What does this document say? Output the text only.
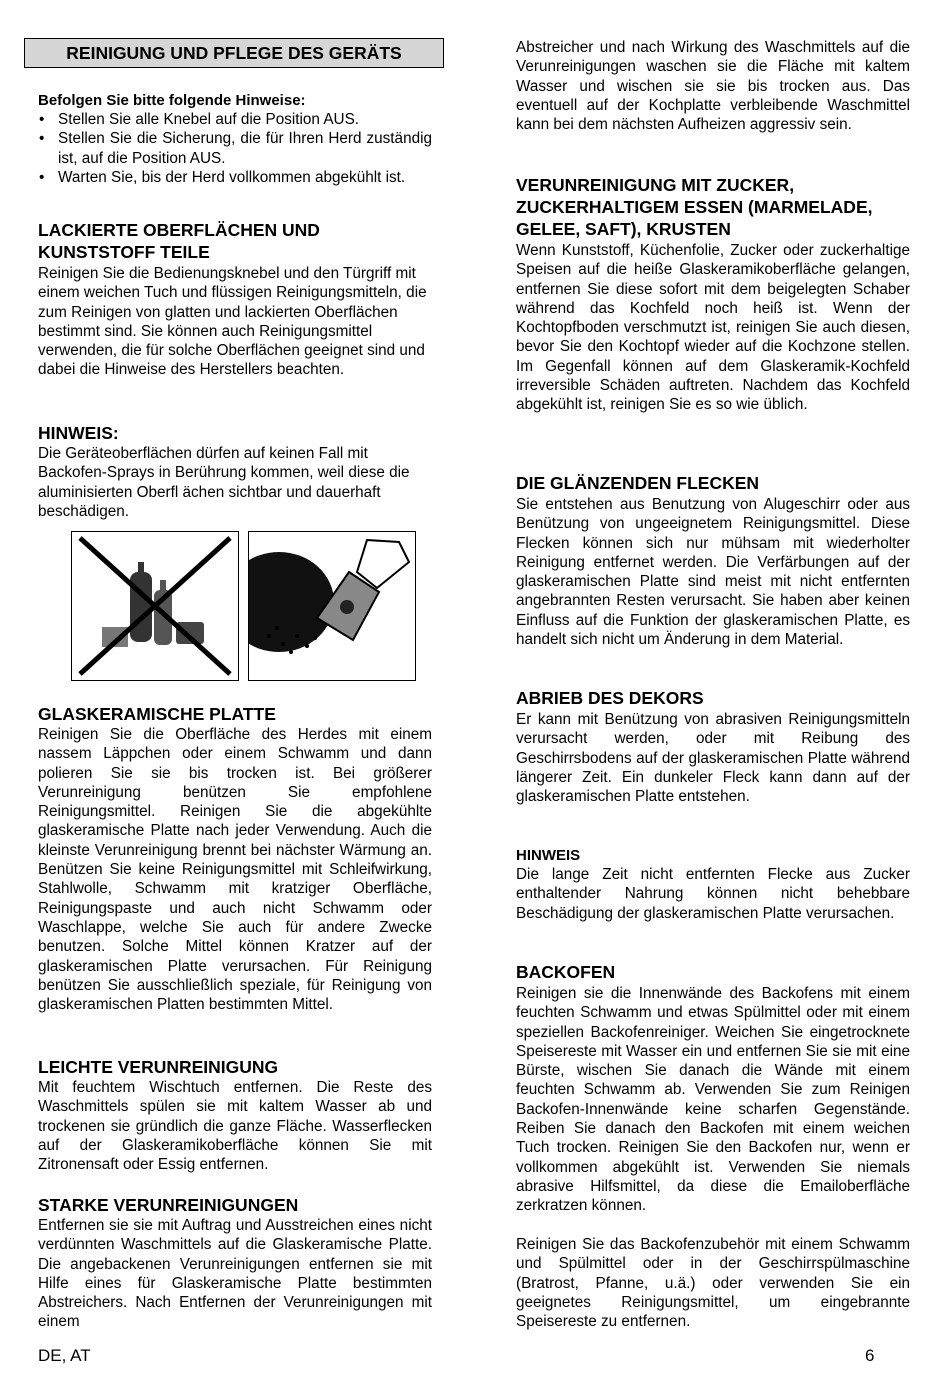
REINIGUNG UND PFLEGE DES GERÄTS
Befolgen Sie bitte folgende Hinweise:
• Stellen Sie alle Knebel auf die Position AUS.
• Stellen Sie die Sicherung, die für Ihren Herd zuständig ist, auf die Position AUS.
• Warten Sie, bis der Herd vollkommen abgekühlt ist.
LACKIERTE OBERFLÄCHEN UND
KUNSTSTOFF TEILE

Reinigen Sie die Bedienungsknebel und den Türgriff mit einem weichen Tuch und flüssigen Reinigungsmitteln, die zum Reinigen von glatten und lackierten Oberflächen bestimmt sind. Sie können auch Reinigungsmittel verwenden, die für solche Oberflächen geeignet sind und dabei die Hinweise des Herstellers beachten.

HINWEIS:

Die Geräteoberflächen dürfen auf keinen Fall mit Backofen-Sprays in Berührung kommen, weil diese die aluminisierten Oberfl ächen sichtbar und dauerhaft beschädigen.

GLASKERAMISCHE PLATTE

Reinigen Sie die Oberfläche des Herdes mit einem nassem Läppchen oder einem Schwamm und dann polieren Sie sie bis trocken ist. Bei größerer Verunreinigung benützen Sie empfohlene Reinigungsmittel. Reinigen Sie die abgekühlte glaskeramische Platte nach jeder Verwendung. Auch die kleinste Verunreinigung brennt bei nächster Wärmung an. Benützen Sie keine Reinigungsmittel mit Schleifwirkung, Stahlwolle, Schwamm mit kratziger Oberfläche, Reinigungspaste und auch nicht Schwamm oder Waschlappe, welche Sie auch für andere Zwecke benutzen. Solche Mittel können Kratzer auf der glaskeramischen Platte verursachen. Für Reinigung benützen Sie ausschließlich speziale, für Reinigung von glaskeramischen Platten bestimmten Mittel.

LEICHTE VERUNREINIGUNG

Mit feuchtem Wischtuch entfernen. Die Reste des Waschmittels spülen sie mit kaltem Wasser ab und trockenen sie gründlich die ganze Fläche. Wasserflecken auf der Glaskeramikoberfläche können Sie mit Zitronensaft oder Essig entfernen.

STARKE VERUNREINIGUNGEN

Entfernen sie sie mit Auftrag und Ausstreichen eines nicht verdünnten Waschmittels auf die Glaskeramische Platte. Die angebackenen Verunreinigungen entfernen sie mit Hilfe eines für Glaskeramische Platte bestimmten Abstreichers. Nach Entfernen der Verunreinigungen mit einem

Abstreicher und nach Wirkung des Waschmittels auf die Verunreinigungen waschen sie die Fläche mit kaltem Wasser und wischen sie sie bis trocken aus. Das eventuell auf der Kochplatte verbleibende Waschmittel kann bei dem nächsten Aufheizen aggressiv sein.

VERUNREINIGUNG MIT ZUCKER,
ZUCKERHALTIGEM ESSEN (MARMELADE,
GELEE, SAFT), KRUSTEN

Wenn Kunststoff, Küchenfolie, Zucker oder zuckerhaltige Speisen auf die heiße Glaskeramikoberfläche gelangen, entfernen Sie diese sofort mit dem beigelegten Schaber während das Kochfeld noch heiß ist. Wenn der Kochtopfboden verschmutzt ist, reinigen Sie auch diesen, bevor Sie den Kochtopf wieder auf die Kochzone stellen. Im Gegenfall können auf dem Glaskeramik-Kochfeld irreversible Schäden auftreten. Nachdem das Kochfeld abgekühlt ist, reinigen Sie es so wie üblich.

DIE GLÄNZENDEN FLECKEN

Sie entstehen aus Benutzung von Alugeschirr oder aus Benützung von ungeeignetem Reinigungsmittel. Diese Flecken können sich nur mühsam mit wiederholter Reinigung entfernet werden. Die Verfärbungen auf der glaskeramischen Platte sind meist mit nicht entfernten angebrannten Resten verursacht. Sie haben aber keinen Einfluss auf die Funktion der glaskeramischen Platte, es handelt sich nicht um Änderung in dem Material.

ABRIEB DES DEKORS

Er kann mit Benützung von abrasiven Reinigungsmitteln verursacht werden, oder mit Reibung des Geschirrsbodens auf der glaskeramischen Platte während längerer Zeit. Ein dunkeler Fleck kann dann auf der glaskeramischen Platte entstehen.

HINWEIS

Die lange Zeit nicht entfernten Flecke aus Zucker enthaltender Nahrung können nicht behebbare Beschädigung der glaskeramischen Platte verursachen.

BACKOFEN

Reinigen sie die Innenwände des Backofens mit einem feuchten Schwamm und etwas Spülmittel oder mit einem speziellen Backofenreiniger. Weichen Sie eingetrocknete Speisereste mit Wasser ein und entfernen Sie sie mit eine Bürste, wischen Sie danach die Wände mit einem feuchten Schwamm ab. Verwenden Sie zum Reinigen Backofen-Innenwände keine scharfen Gegenstände. Reiben Sie danach den Backofen mit einem weichen Tuch trocken. Reinigen Sie den Backofen nur, wenn er vollkommen abgekühlt ist. Verwenden Sie niemals abrasive Hilfsmittel, da diese die Emailoberfläche zerkratzen können.

Reinigen Sie das Backofenzubehör mit einem Schwamm und Spülmittel oder in der Geschirrspülmaschine (Bratrost, Pfanne, u.ä.) oder verwenden Sie ein geeignetes Reinigungsmittel, um eingebrannte Speisereste zu entfernen.

DE, AT	6
